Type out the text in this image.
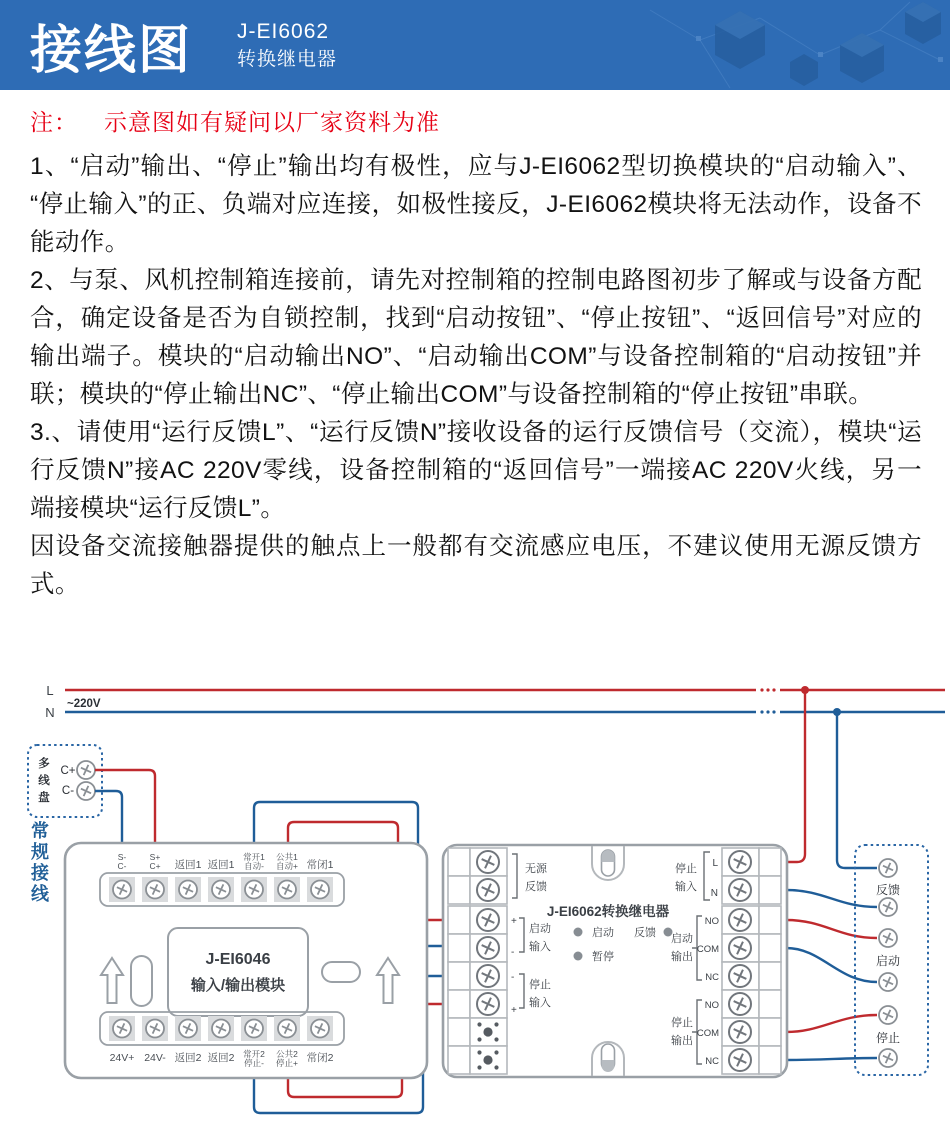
接线图 J-EI6062
转换继电器
注： 示意图如有疑问以厂家资料为准

1、“启动”输出、“停止”输出均有极性，应与J-EI6062型切换模块的“启动输入”、“停止输入”的正、负端对应连接，如极性接反，J-EI6062模块将无法动作，设备不能动作。

2、与泵、风机控制箱连接前，请先对控制箱的控制电路图初步了解或与设备方配合，确定设备是否为自锁控制，找到“启动按钮”、“停止按钮”、“返回信号”对应的输出端子。模块的“启动输出NO”、“启动输出COM”与设备控制箱的“启动按钮”并联；模块的“停止输出NC”、“停止输出COM”与设备控制箱的“停止按钮”串联。

3.、请使用“运行反馈L”、“运行反馈N”接收设备的运行反馈信号（交流），模块“运行反馈N”接AC 220V零线，设备控制箱的“返回信号”一端接AC 220V火线，另一端接模块“运行反馈L”。

因设备交流接触器提供的触点上一般都有交流感应电压，不建议使用无源反馈方式。

L
N
~220V
多
线
盘
C+
C-
常
规
接
线
S-
C-
S+
C+ 返回1 返回1
常开1
自动-
公共1
自动+ 常闭1
J-EI6046
输入/输出模块
24V+ 24V- 返回2 返回2 常开2
停止-
公共2
停止+ 常闭2
无源
反馈
+
-
启动
输入
-
+
停止
输入
J-EI6062转换继电器
启动 反馈
暂停
停止
输入
L
N
启动
输出
NO
COM
NC
停止
输出
NO
COM
NC
反馈
启动
停止
